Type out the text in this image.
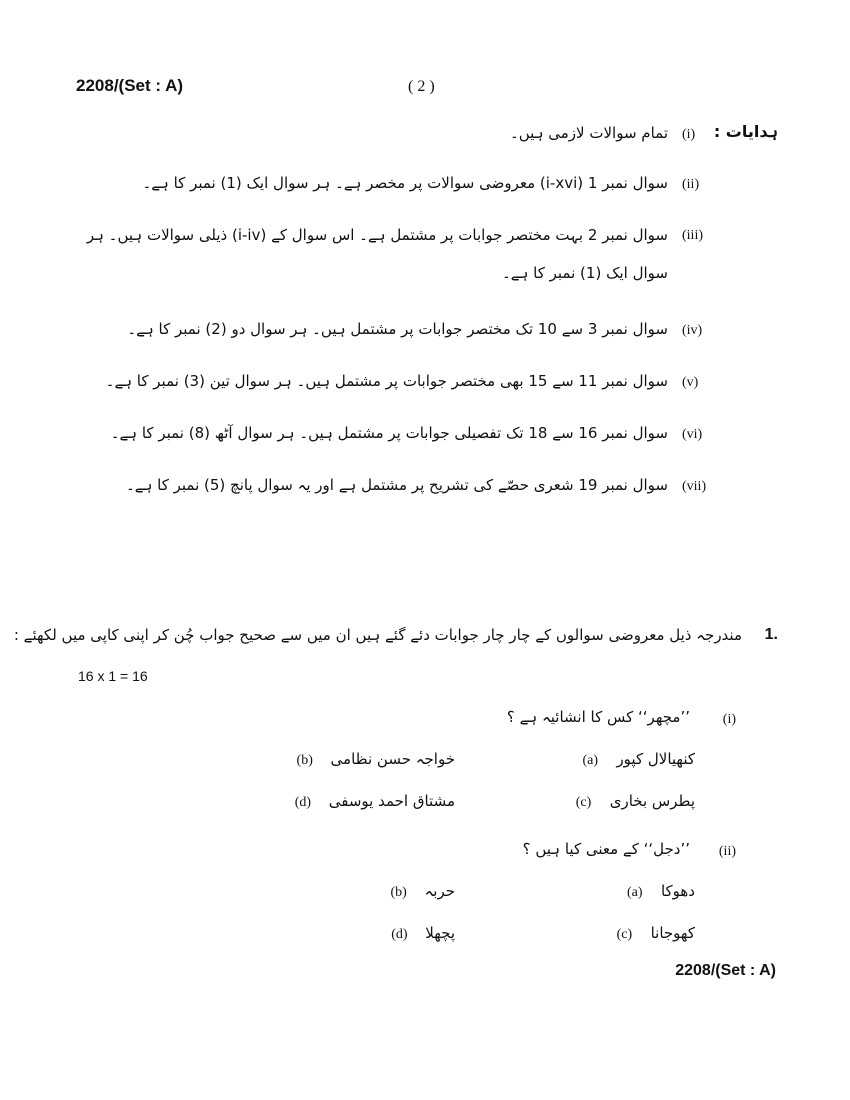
2208/(Set : A)	( 2 )
ہدایات :
(i)
تمام سوالات لازمی ہیں۔
(ii)
سوال نمبر 1 (i-xvi) معروضی سوالات پر مخصر ہے۔ ہر سوال ایک (1) نمبر کا ہے۔
(iii)
سوال نمبر 2 بہت مختصر جوابات پر مشتمل ہے۔ اس سوال کے (i-iv) ذیلی سوالات ہیں۔ ہر سوال ایک (1) نمبر کا ہے۔
(iv)
سوال نمبر 3 سے 10 تک مختصر جوابات پر مشتمل ہیں۔ ہر سوال دو (2) نمبر کا ہے۔
(v)
سوال نمبر 11 سے 15 بھی مختصر جوابات پر مشتمل ہیں۔ ہر سوال تین (3) نمبر کا ہے۔
(vi)
سوال نمبر 16 سے 18 تک تفصیلی جوابات پر مشتمل ہیں۔ ہر سوال آٹھ (8) نمبر کا ہے۔
(vii)
سوال نمبر 19 شعری حصّے کی تشریح پر مشتمل ہے اور یہ سوال پانچ (5) نمبر کا ہے۔
1.
مندرجہ ذیل معروضی سوالوں کے چار چار جوابات دئے گئے ہیں ان میں سے صحیح جواب چُن کر اپنی کاپی میں لکھئے :
16 x 1 = 16
(i)
’’مچھر‘‘ کس کا انشائیہ ہے ؟
(a) کنھیالال کپور
(b) خواجہ حسن نظامی
(c) پطرس بخاری
(d) مشتاق احمد یوسفی
(ii)
’’دجل‘‘ کے معنی کیا ہیں ؟
(a) دھوکا
(b) حربہ
(c) کھوجانا
(d) پچھلا
2208/(Set : A)
